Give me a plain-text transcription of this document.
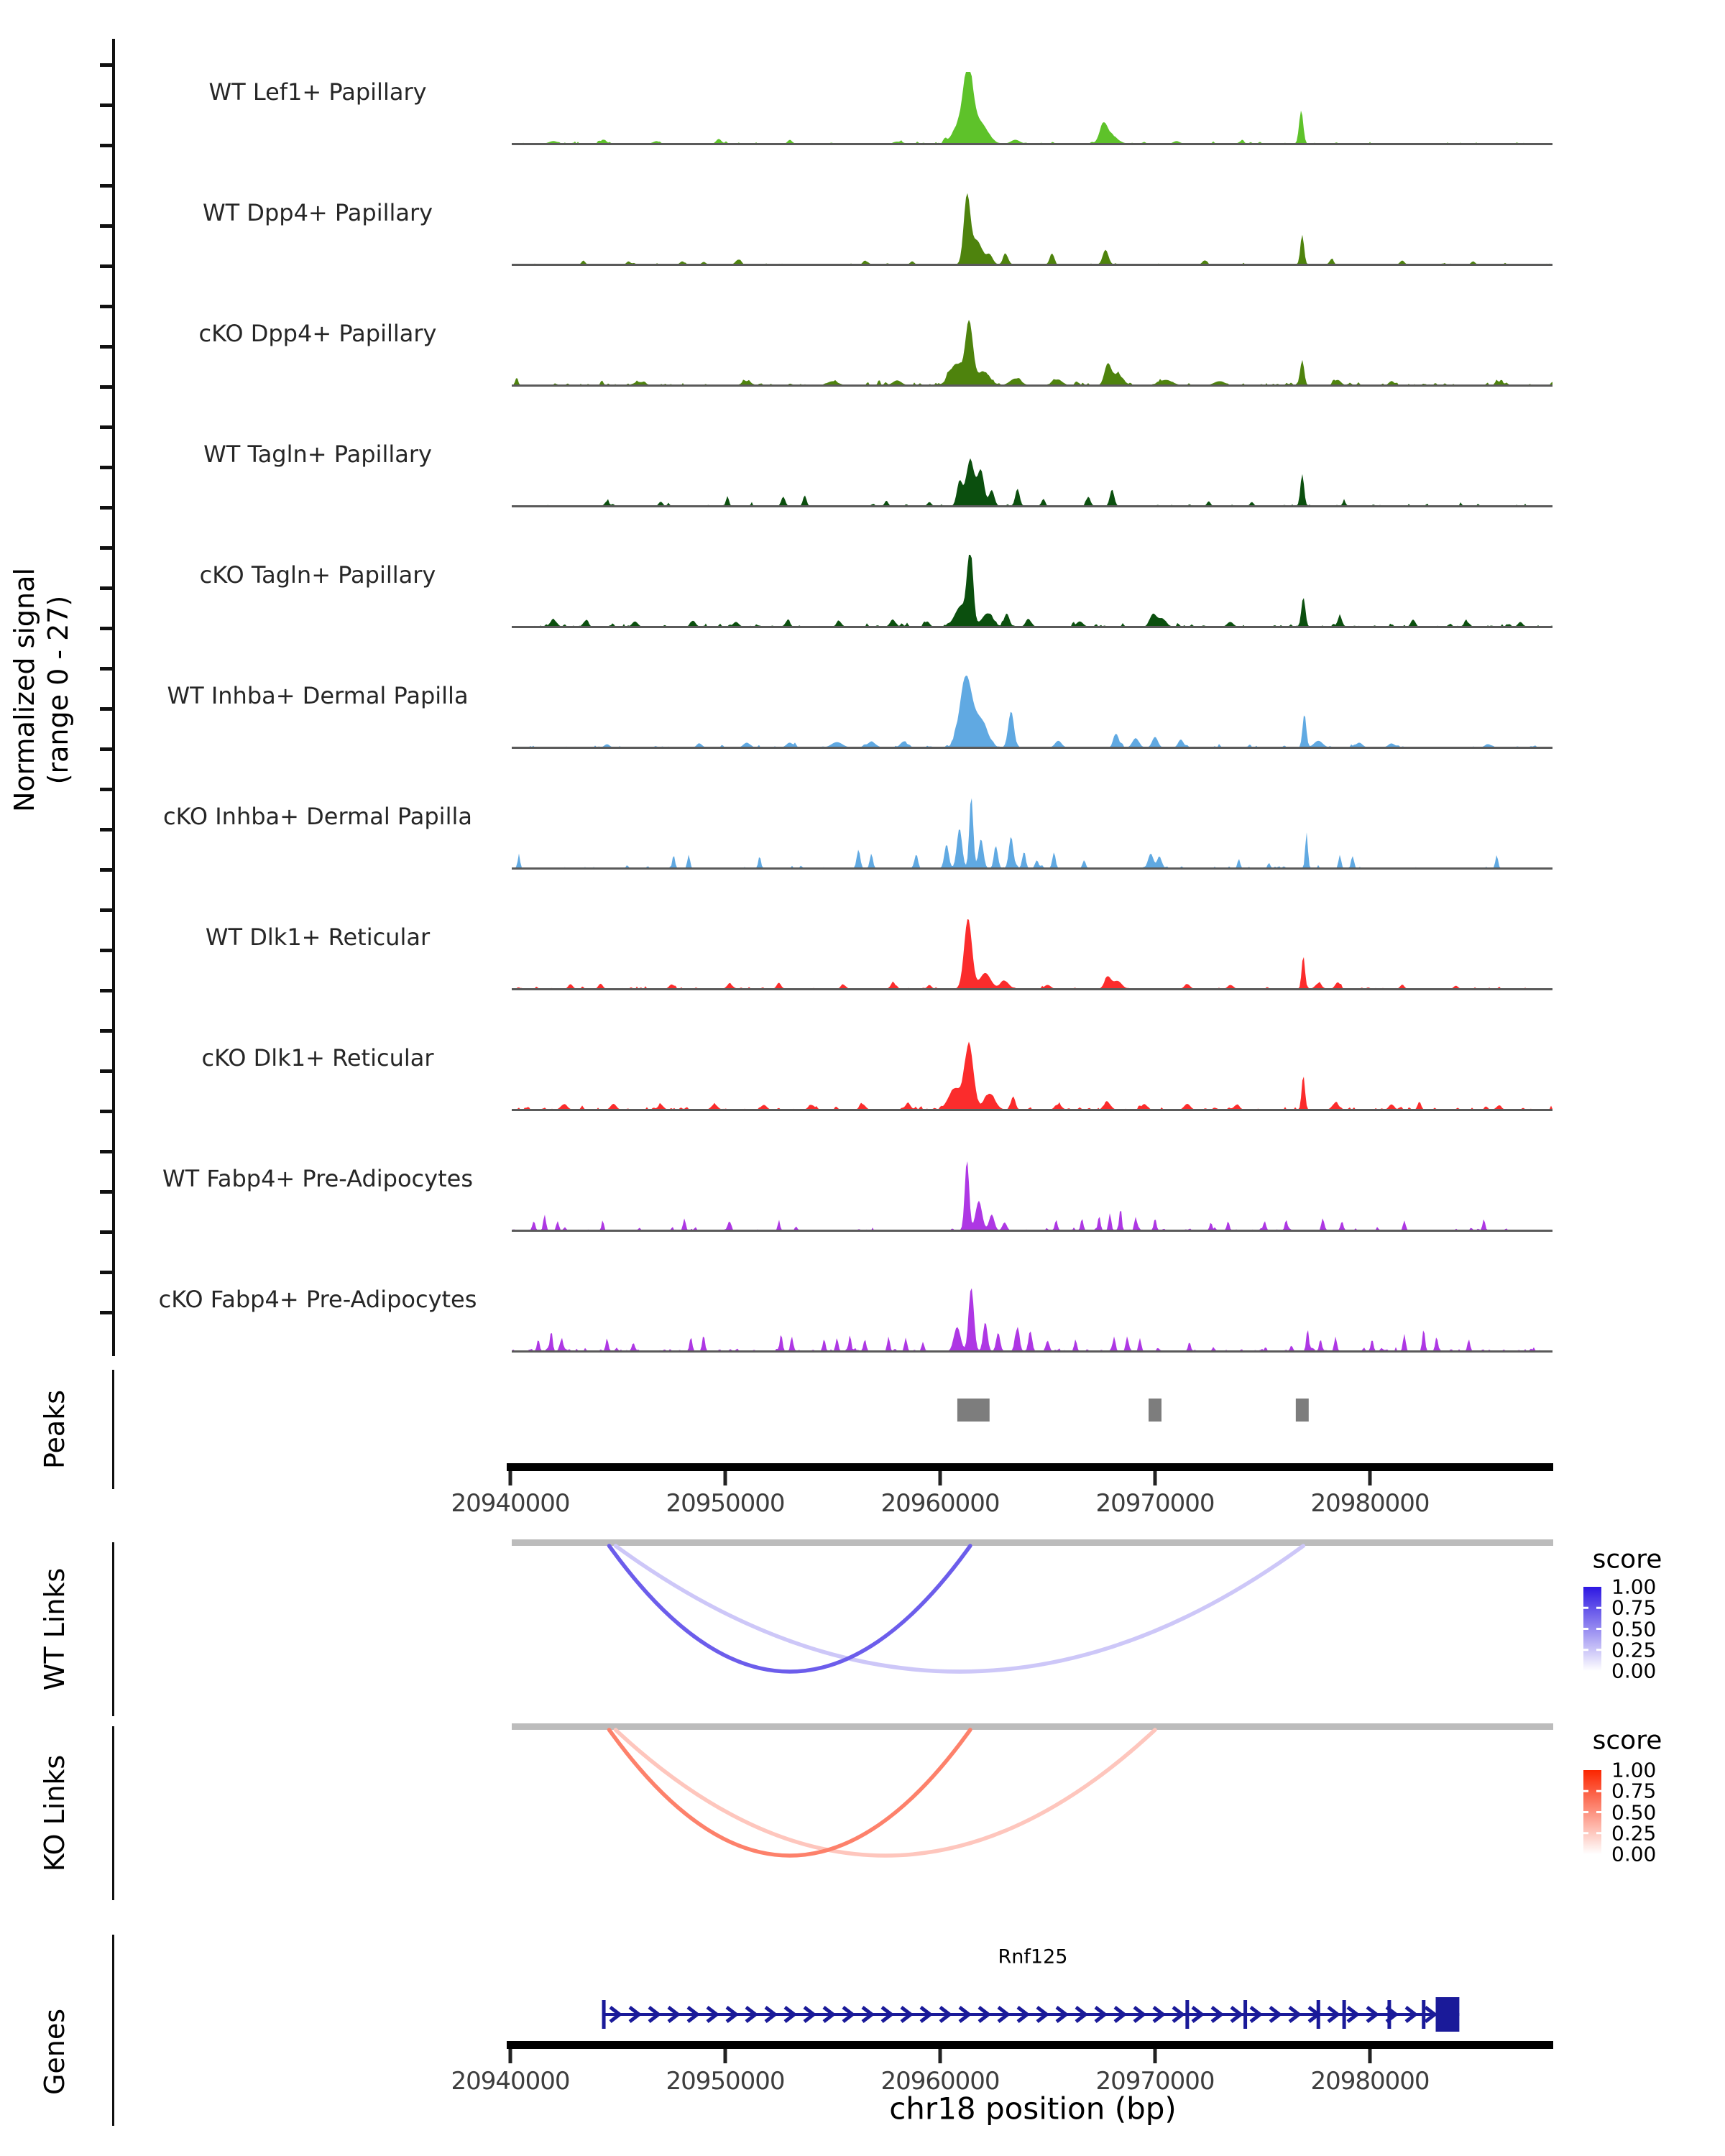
Normalized signal (range 0 - 27)
Peaks
WT Links
KO Links
Genes
score
score
Rnf125
chr18 position (bp)
WT Lef1+ Papillary
WT Dpp4+ Papillary
cKO Dpp4+ Papillary
WT Tagln+ Papillary
cKO Tagln+ Papillary
WT Inhba+ Dermal Papilla
cKO Inhba+ Dermal Papilla
WT Dlk1+ Reticular
cKO Dlk1+ Reticular
WT Fabp4+ Pre-Adipocytes
cKO Fabp4+ Pre-Adipocytes
20940000	20950000	20960000	20970000	20980000
20940000	20950000	20960000	20970000	20980000
1.00
0.75
0.50
0.25
0.00
1.00
0.75
0.50
0.25
0.00
